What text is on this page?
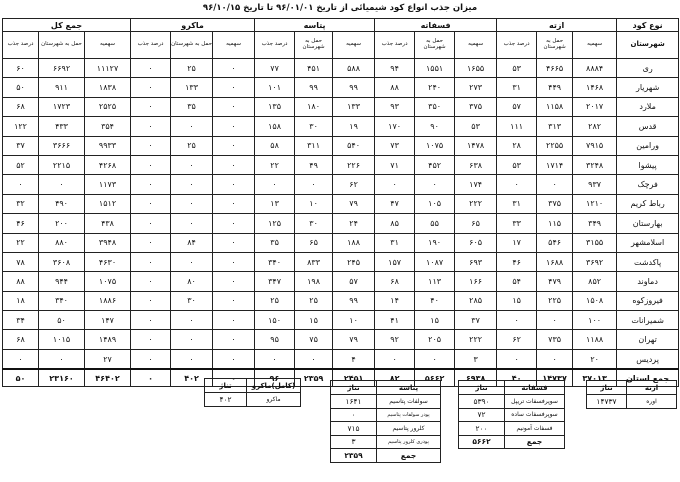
میزان جذب انواع کود شیمیائی از تاریخ ۹۶/۰۱/۰۱ تا تاریخ ۹۶/۱۰/۱۵
نوع کود	ازته			فسفاته			پتاسه			ماکرو			جمع کل		
شهرستان	سهمیه	حمل به شهرستان	درصد جذب	سهمیه	حمل به شهرستان	درصد جذب	سهمیه	حمل به شهرستان	درصد جذب	سهمیه	حمل به شهرستان	درصد جذب	سهمیه	حمل به شهرستان	درصد جذب
ری	۸۸۸۴	۴۶۶۵	۵۳	۱۶۵۵	۱۵۵۱	۹۴	۵۸۸	۴۵۱	۷۷	۰	۲۵	۰	۱۱۱۲۷	۶۶۹۲	۶۰
شهریار	۱۴۶۸	۴۴۹	۳۱	۲۷۳	۲۴۰	۸۸	۹۹	۹۹	۱۰۱	۰	۱۳۳	۰	۱۸۳۸	۹۱۱	۵۰
ملارد	۲۰۱۷	۱۱۵۸	۵۷	۳۷۵	۳۵۰	۹۳	۱۳۳	۱۸۰	۱۳۵	۰	۳۵	۰	۲۵۲۵	۱۷۲۳	۶۸
قدس	۲۸۲	۳۱۳	۱۱۱	۵۳	۹۰	۱۷۰	۱۹	۳۰	۱۵۸	۰	۰	۰	۳۵۴	۴۳۳	۱۲۲
ورامین	۷۹۱۵	۲۲۵۵	۲۸	۱۴۷۸	۱۰۷۵	۷۳	۵۴۰	۳۱۱	۵۸	۰	۲۵	۰	۹۹۳۳	۳۶۶۶	۳۷
پیشوا	۳۲۴۸	۱۷۱۴	۵۳	۶۳۸	۴۵۲	۷۱	۲۲۶	۴۹	۲۲	۰	۰	۰	۴۲۶۸	۲۲۱۵	۵۲
فرچک	۹۳۷	۰	۰	۱۷۴	۰	۰	۶۲	۰	۰	۰	۰	۰	۱۱۷۳	۰	۰
رباط کریم	۱۲۱۰	۳۷۵	۳۱	۲۲۲	۱۰۵	۴۷	۷۹	۱۰	۱۳	۰	۰	۰	۱۵۱۲	۴۹۰	۳۲
بهارستان	۳۴۹	۱۱۵	۳۳	۶۵	۵۵	۸۵	۲۴	۳۰	۱۲۵	۰	۰	۰	۴۳۸	۲۰۰	۴۶
اسلامشهر	۳۱۵۵	۵۴۶	۱۷	۶۰۵	۱۹۰	۳۱	۱۸۸	۶۵	۳۵	۰	۸۴	۰	۳۹۴۸	۸۸۰	۲۲
پاکدشت	۳۶۹۲	۱۶۸۸	۴۶	۶۹۳	۱۰۸۷	۱۵۷	۲۴۵	۸۳۳	۳۴۰	۰	۰	۰	۴۶۳۰	۳۶۰۸	۷۸
دماوند	۸۵۲	۴۷۹	۵۴	۱۶۶	۱۱۳	۶۸	۵۷	۱۹۸	۳۴۷	۰	۸۰	۰	۱۰۷۵	۹۴۴	۸۸
فیروزکوه	۱۵۰۸	۲۲۵	۱۵	۲۸۵	۴۰	۱۴	۹۹	۲۵	۲۵	۰	۳۰	۰	۱۸۸۶	۳۴۰	۱۸
شمیرانات	۱۰۰	۰	۰	۳۷	۱۵	۴۱	۱۰	۱۵	۱۵۰	۰	۰	۰	۱۴۷	۵۰	۳۴
تهران	۱۱۸۸	۷۳۵	۶۲	۲۲۲	۲۰۵	۹۲	۷۹	۷۵	۹۵	۰	۰	۰	۱۴۸۹	۱۰۱۵	۶۸
پردیس	۲۰	۰	۰	۳	۰	۰	۴	۰	۰	۰	۰	۰	۲۷	۰	۰
جمع استان	۳۷۰۱۳	۱۴۷۳۷	۴۰	۶۹۳۸	۵۶۶۲	۸۲	۲۴۵۱	۲۳۵۹	۹۶	۰	۴۰۲	۰	۴۶۴۰۲	۲۳۱۶۰	۵۰
ازته	تناژ
اوره	۱۴۷۳۷
فسفاته	تناژ
سوپرفسفات تریپل	۵۳۹۰
سوپرفسفات ساده	۷۲
فسفات آمونیم	۲۰۰
جمع	۵۶۶۲
پتاسه	تناژ
سولفات پتاسیم	۱۶۴۱
پودر سولفات پتاسیم	۰
کلرور پتاسیم	۷۱۵
پودری کلرور پتاسیم	۳
جمع	۲۳۵۹
(کامل)ماکرو	تناژ
ماکرو	۴۰۲
